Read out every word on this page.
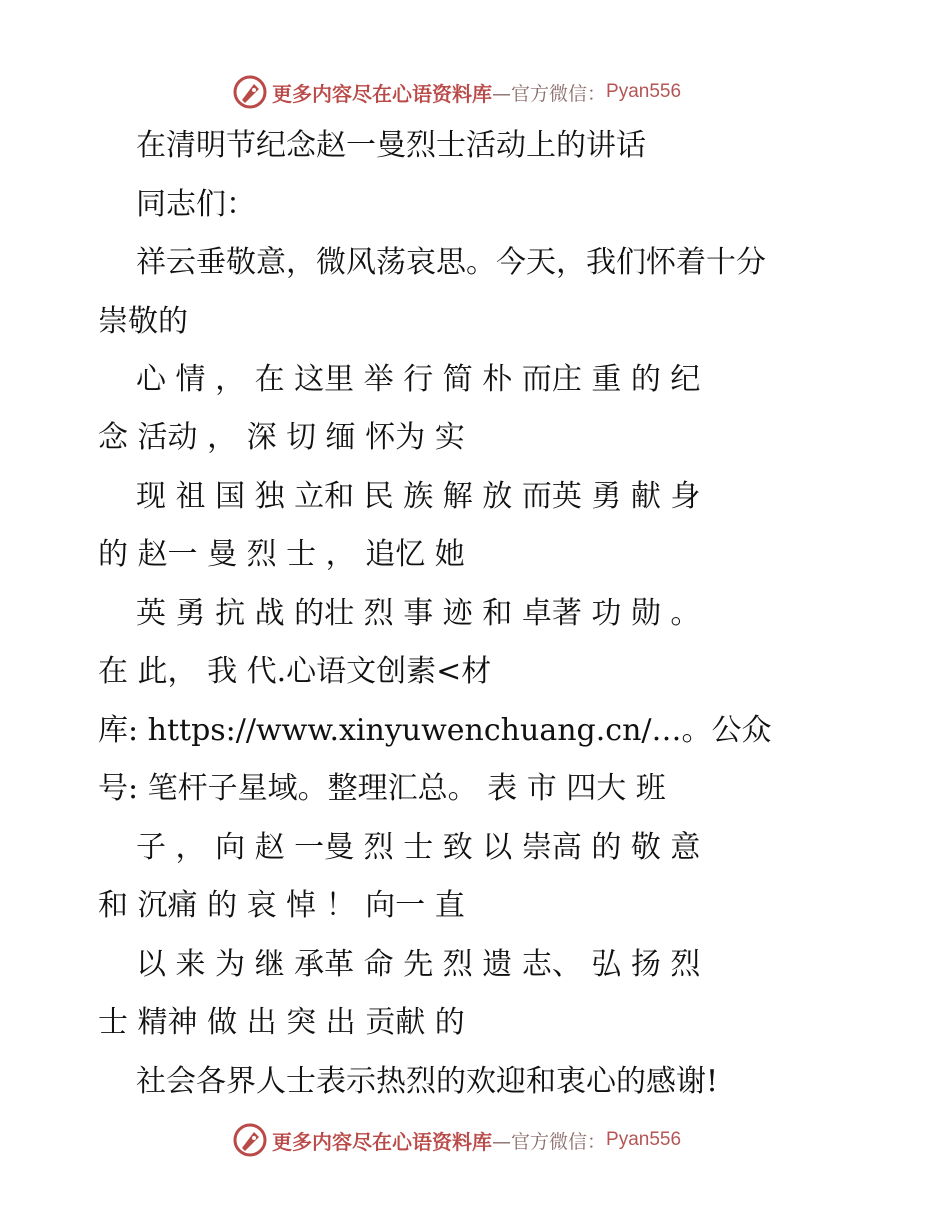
更多内容尽在心语资料库 —官方微信： Pyan556
在清明节纪念赵一曼烈士活动上的讲话
同志们：
祥云垂敬意，微风荡哀思。今天，我们怀着十分
崇敬的
心 情 ， 在 这里 举 行 简 朴 而庄 重 的 纪
念 活动 ， 深 切 缅 怀为 实
现 祖 国 独 立和 民 族 解 放 而英 勇 献 身
的 赵一 曼 烈 士 ， 追忆 她
英 勇 抗 战 的壮 烈 事 迹 和 卓著 功 勋 。
在 此， 我 代.心语文创素<材
库: https://www.xinyuwenchuang.cn/…。公众
号: 笔杆子星域。整理汇总。 表 市 四大 班
子 ， 向 赵 一曼 烈 士 致 以 崇高 的 敬 意
和 沉痛 的 哀 悼 ！ 向一 直
以 来 为 继 承革 命 先 烈 遗 志、 弘 扬 烈
士 精神 做 出 突 出 贡献 的
社会各界人士表示热烈的欢迎和衷心的感谢!
更多内容尽在心语资料库 —官方微信： Pyan556
